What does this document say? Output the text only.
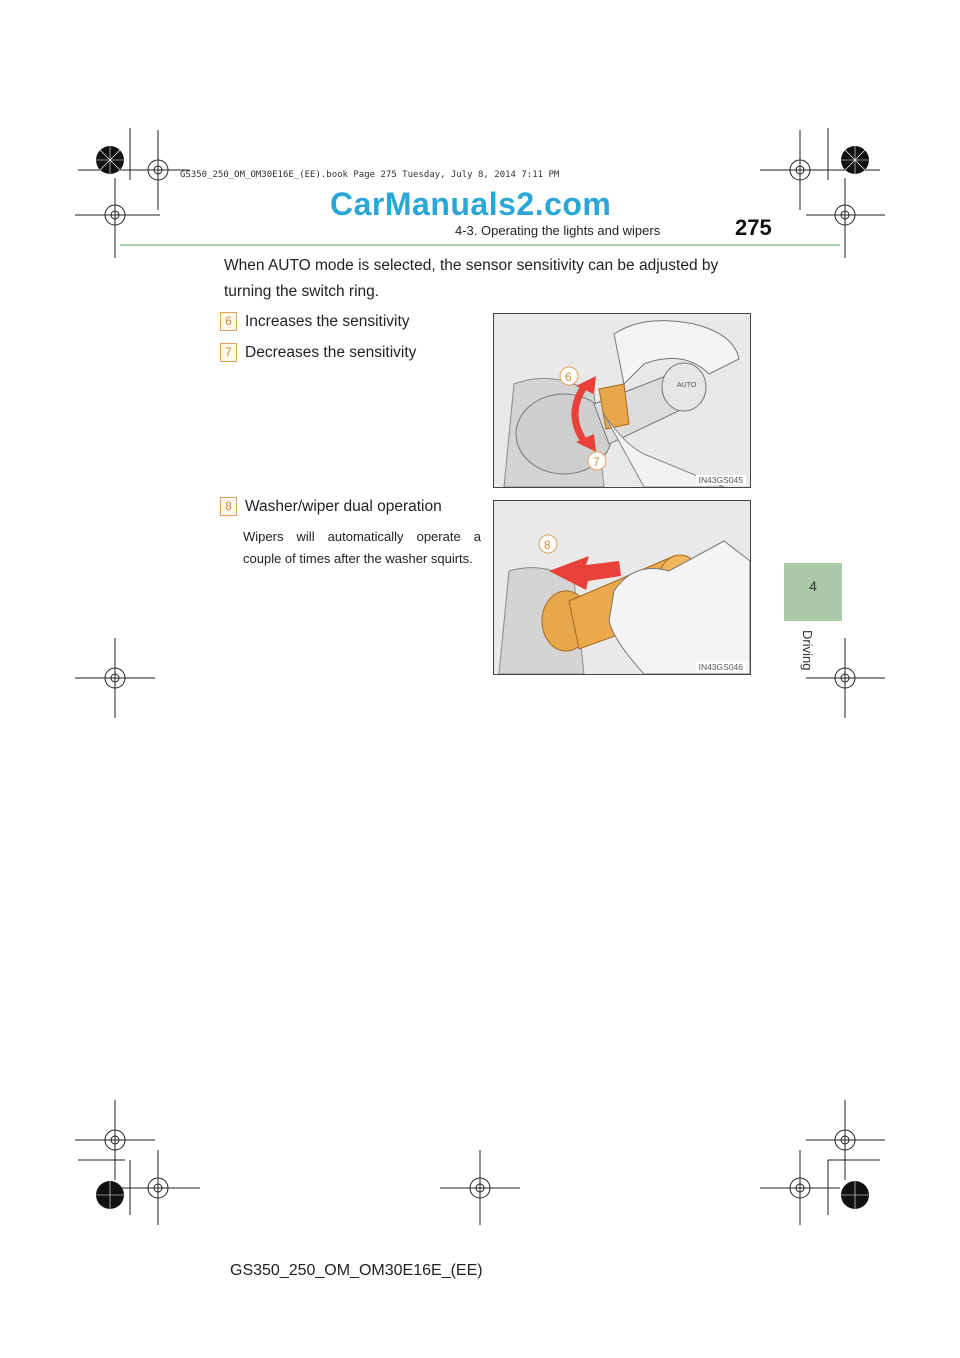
GS350_250_OM_OM30E16E_(EE).book Page 275 Tuesday, July 8, 2014 7:11 PM
CarManuals2.com
4-3. Operating the lights and wipers	275
4
Driving
When AUTO mode is selected, the sensor sensitivity can be adjusted by turning the switch ring.
6 Increases the sensitivity
7 Decreases the sensitivity
8 Washer/wiper dual operation
Wipers will automatically operate a couple of times after the washer squirts.
AUTO
6
7
IN43GS045
8
IN43GS046
GS350_250_OM_OM30E16E_(EE)
